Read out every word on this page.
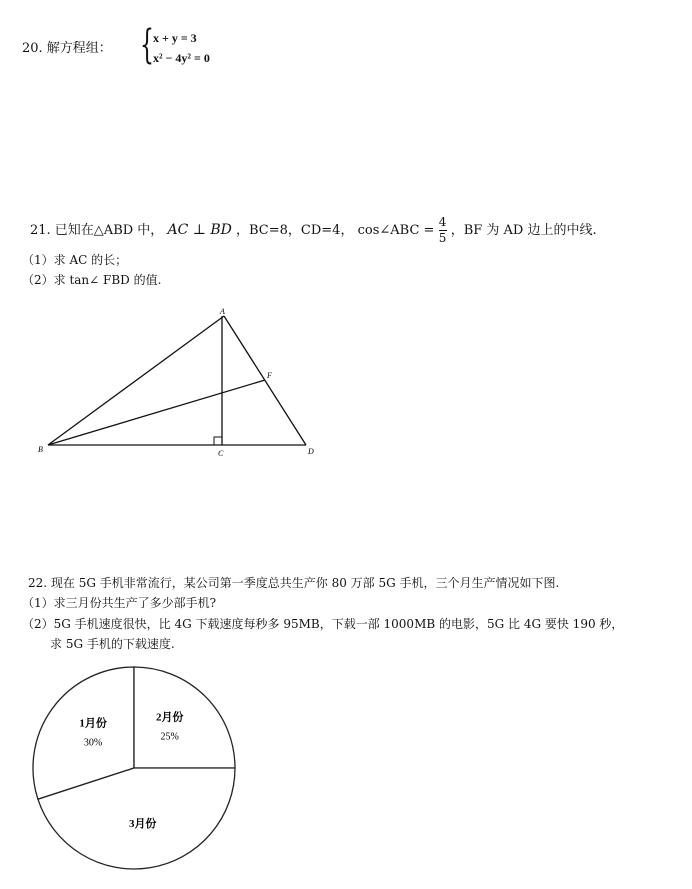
20. 解方程组： { x + y = 3
x² − 4y² = 0
21. 已知在△ABD 中， AC ⊥ BD ，BC=8，CD=4， cos∠ABC = $\frac{4}{5}$ ，BF 为 AD 边上的中线.
（1）求 AC 的长；
（2）求 tan∠ FBD 的值.
A
B	C	D
F
22. 现在 5G 手机非常流行，某公司第一季度总共生产你 80 万部 5G 手机，三个月生产情况如下图.
（1）求三月份共生产了多少部手机?
（2）5G 手机速度很快，比 4G 下载速度每秒多 95MB，下载一部 1000MB 的电影，5G 比 4G 要快 190 秒，
求 5G 手机的下载速度.
1月份
30%
2月份
25%
3月份
